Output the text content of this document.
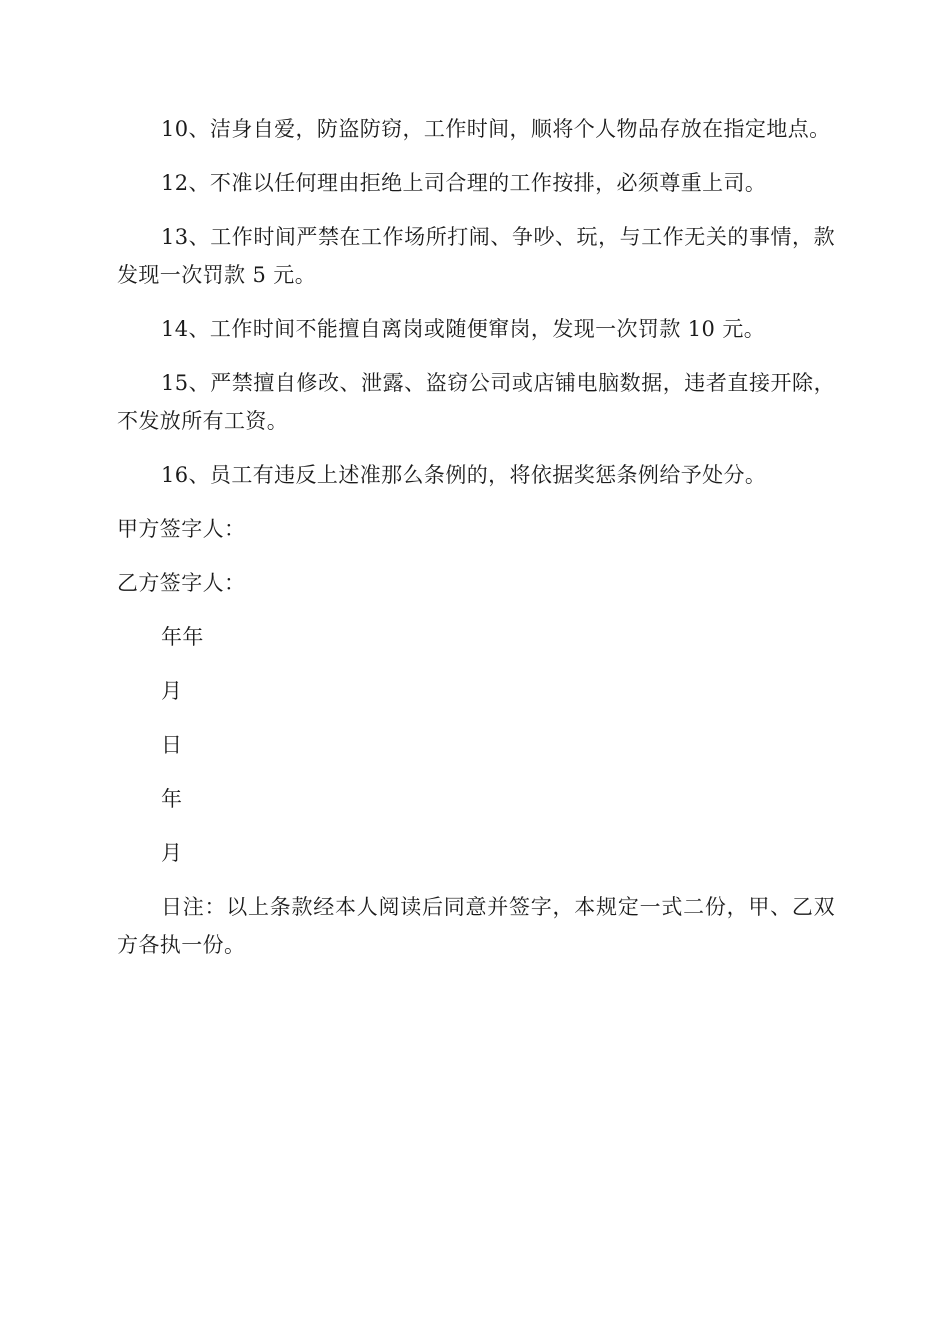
10、洁身自爱，防盗防窃，工作时间，顺将个人物品存放在指定地点。

12、不准以任何理由拒绝上司合理的工作按排，必须尊重上司。

13、工作时间严禁在工作场所打闹、争吵、玩，与工作无关的事情，款发现一次罚款 5 元。

14、工作时间不能擅自离岗或随便窜岗，发现一次罚款 10 元。

15、严禁擅自修改、泄露、盗窃公司或店铺电脑数据，违者直接开除，不发放所有工资。

16、员工有违反上述准那么条例的，将依据奖惩条例给予处分。

甲方签字人：

乙方签字人：

年年

月

日

年

月

日注：以上条款经本人阅读后同意并签字，本规定一式二份，甲、乙双方各执一份。
